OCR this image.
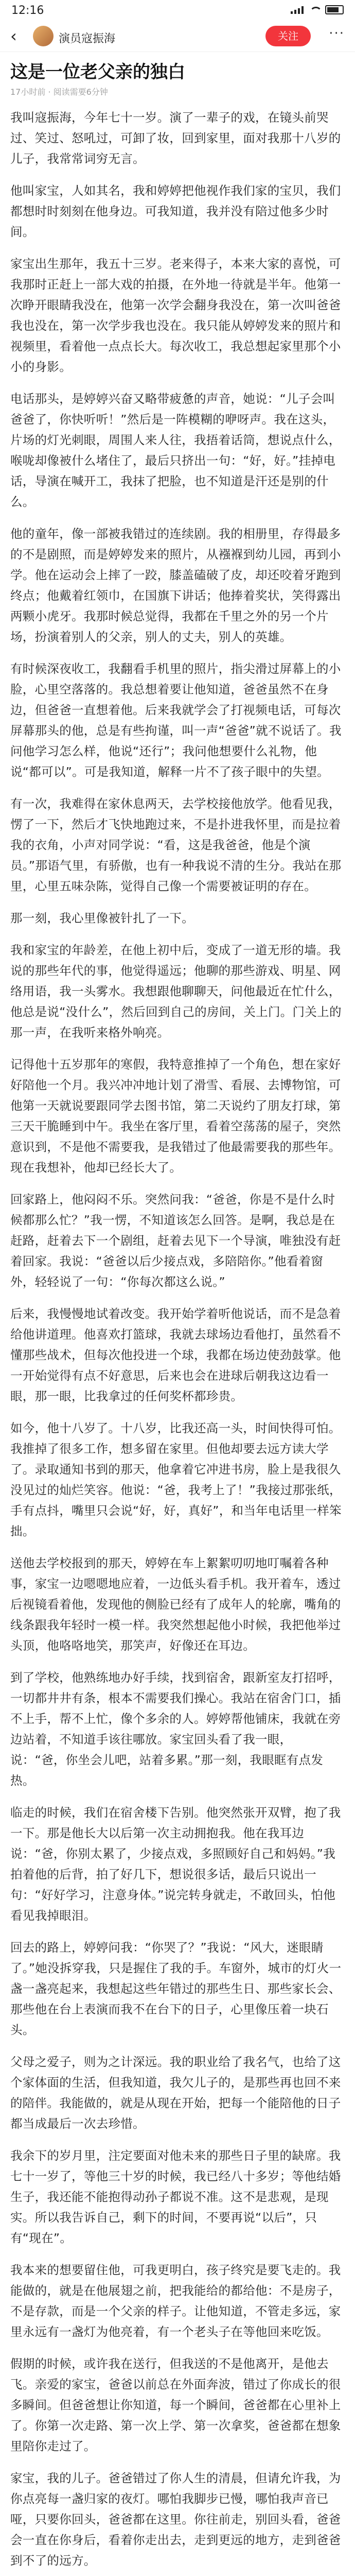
12:16
‹	演员寇振海	关注	···
这是一位老父亲的独白
17小时前 · 阅读需要6分钟

我叫寇振海，今年七十一岁。演了一辈子的戏，在镜头前哭过、笑过、怒吼过，可卸了妆，回到家里，面对我那十八岁的儿子，我常常词穷无言。

他叫家宝，人如其名，我和婷婷把他视作我们家的宝贝，我们都想时时刻刻在他身边。可我知道，我并没有陪过他多少时间。

家宝出生那年，我五十三岁。老来得子，本来大家的喜悦，可我那时正赶上一部大戏的拍摄，在外地一待就是半年。他第一次睁开眼睛我没在，他第一次学会翻身我没在，第一次叫爸爸我也没在，第一次学步我也没在。我只能从婷婷发来的照片和视频里，看着他一点点长大。每次收工，我总想起家里那个小小的身影。

电话那头，是婷婷兴奋又略带疲惫的声音，她说：“儿子会叫爸爸了，你快听听！”然后是一阵模糊的咿呀声。我在这头，片场的灯光刺眼，周围人来人往，我捂着话筒，想说点什么，喉咙却像被什么堵住了，最后只挤出一句：“好，好。”挂掉电话，导演在喊开工，我抹了把脸，也不知道是汗还是别的什么。

他的童年，像一部被我错过的连续剧。我的相册里，存得最多的不是剧照，而是婷婷发来的照片，从襁褓到幼儿园，再到小学。他在运动会上摔了一跤，膝盖磕破了皮，却还咬着牙跑到终点；他戴着红领巾，在国旗下讲话；他捧着奖状，笑得露出两颗小虎牙。我那时候总觉得，我都在千里之外的另一个片场，扮演着别人的父亲，别人的丈夫，别人的英雄。

有时候深夜收工，我翻看手机里的照片，指尖滑过屏幕上的小脸，心里空落落的。我总想着要让他知道，爸爸虽然不在身边，但爸爸一直想着他。后来我就学会了打视频电话，可每次屏幕那头的他，总是有些拘谨，叫一声“爸爸”就不说话了。我问他学习怎么样，他说“还行”；我问他想要什么礼物，他说“都可以”。可是我知道，解释一片不了孩子眼中的失望。

有一次，我难得在家休息两天，去学校接他放学。他看见我，愣了一下，然后才飞快地跑过来，不是扑进我怀里，而是拉着我的衣角，小声对同学说：“看，这是我爸爸，他是个演员。”那语气里，有骄傲，也有一种我说不清的生分。我站在那里，心里五味杂陈，觉得自己像一个需要被证明的存在。

那一刻，我心里像被针扎了一下。

我和家宝的年龄差，在他上初中后，变成了一道无形的墙。我说的那些年代的事，他觉得遥远；他聊的那些游戏、明星、网络用语，我一头雾水。我想跟他聊聊天，问他最近在忙什么，他总是说“没什么”，然后回到自己的房间，关上门。门关上的那一声，在我听来格外响亮。

记得他十五岁那年的寒假，我特意推掉了一个角色，想在家好好陪他一个月。我兴冲冲地计划了滑雪、看展、去博物馆，可他第一天就说要跟同学去图书馆，第二天说约了朋友打球，第三天干脆睡到中午。我坐在客厅里，看着空荡荡的屋子，突然意识到，不是他不需要我，是我错过了他最需要我的那些年。现在我想补，他却已经长大了。

回家路上，他闷闷不乐。突然问我：“爸爸，你是不是什么时候都那么忙？”我一愣，不知道该怎么回答。是啊，我总是在赶路，赶着去下一个剧组，赶着去见下一个导演，唯独没有赶着回家。我说：“爸爸以后少接点戏，多陪陪你。”他看着窗外，轻轻说了一句：“你每次都这么说。”

后来，我慢慢地试着改变。我开始学着听他说话，而不是急着给他讲道理。他喜欢打篮球，我就去球场边看他打，虽然看不懂那些战术，但每次他投进一个球，我都在场边使劲鼓掌。他一开始觉得有点不好意思，后来也会在进球后朝我这边看一眼，那一眼，比我拿过的任何奖杯都珍贵。

如今，他十八岁了。十八岁，比我还高一头，时间快得可怕。我推掉了很多工作，想多留在家里。但他却要去远方读大学了。录取通知书到的那天，他拿着它冲进书房，脸上是我很久没见过的灿烂笑容。他说：“爸，我考上了！”我接过那张纸，手有点抖，嘴里只会说“好，好，真好”，和当年电话里一样笨拙。

送他去学校报到的那天，婷婷在车上絮絮叨叨地叮嘱着各种事，家宝一边嗯嗯地应着，一边低头看手机。我开着车，透过后视镜看着他，发现他的侧脸已经有了成年人的轮廓，嘴角的线条跟我年轻时一模一样。我突然想起他小时候，我把他举过头顶，他咯咯地笑，那笑声，好像还在耳边。

到了学校，他熟练地办好手续，找到宿舍，跟新室友打招呼，一切都井井有条，根本不需要我们操心。我站在宿舍门口，插不上手，帮不上忙，像个多余的人。婷婷帮他铺床，我就在旁边站着，不知道手该往哪放。家宝回头看了我一眼，说：“爸，你坐会儿吧，站着多累。”那一刻，我眼眶有点发热。

临走的时候，我们在宿舍楼下告别。他突然张开双臂，抱了我一下。那是他长大以后第一次主动拥抱我。他在我耳边说：“爸，你别太累了，少接点戏，多照顾好自己和妈妈。”我拍着他的后背，拍了好几下，想说很多话，最后只说出一句：“好好学习，注意身体。”说完转身就走，不敢回头，怕他看见我掉眼泪。

回去的路上，婷婷问我：“你哭了？”我说：“风大，迷眼睛了。”她没拆穿我，只是握住了我的手。车窗外，城市的灯火一盏一盏亮起来，我想起这些年错过的那些生日、那些家长会、那些他在台上表演而我不在台下的日子，心里像压着一块石头。

父母之爱子，则为之计深远。我的职业给了我名气，也给了这个家体面的生活，但我知道，我欠儿子的，是那些再也回不来的陪伴。我能做的，就是从现在开始，把每一个能陪他的日子都当成最后一次去珍惜。

我余下的岁月里，注定要面对他未来的那些日子里的缺席。我七十一岁了，等他三十岁的时候，我已经八十多岁；等他结婚生子，我还能不能抱得动孙子都说不准。这不是悲观，是现实。所以我告诉自己，剩下的时间，不要再说“以后”，只有“现在”。

我本来的想要留住他，可我更明白，孩子终究是要飞走的。我能做的，就是在他展翅之前，把我能给的都给他：不是房子，不是存款，而是一个父亲的样子。让他知道，不管走多远，家里永远有一盏灯为他亮着，有一个老头子在等他回来吃饭。

假期的时候，或许我在送行，但我送的不是他离开，是他去飞。亲爱的家宝，爸爸以前总在外面奔波，错过了你成长的很多瞬间。但爸爸想让你知道，每一个瞬间，爸爸都在心里补上了。你第一次走路、第一次上学、第一次拿奖，爸爸都在想象里陪你走过了。

家宝，我的儿子。爸爸错过了你人生的清晨，但请允许我，为你点亮每一盏归家的夜灯。哪怕我脚步已慢，哪怕我声音已哑，只要你回头，爸爸都在这里。你往前走，别回头看，爸爸会一直在你身后，看着你走出去，走到更远的地方，走到爸爸到不了的远方。
